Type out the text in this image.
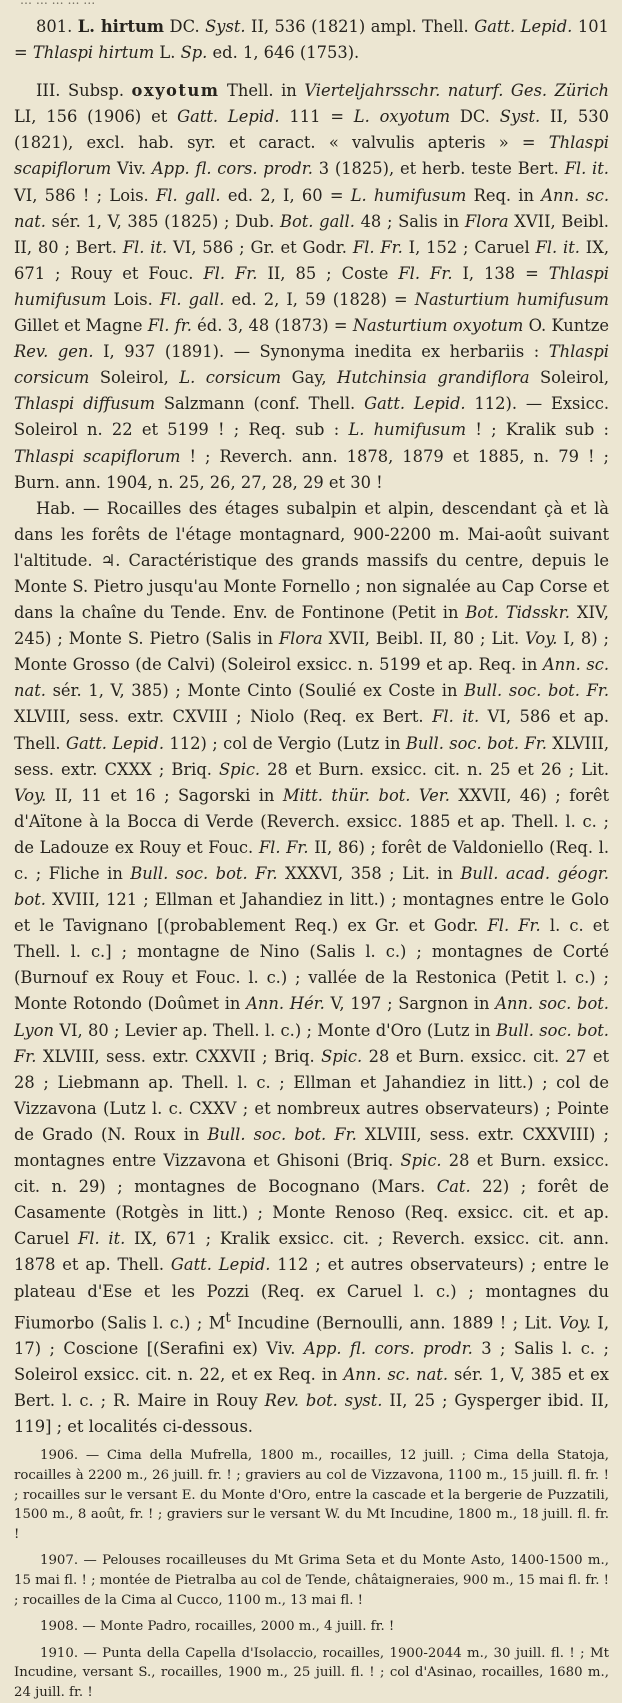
… … … … …

801. L. hirtum DC. Syst. II, 536 (1821) ampl. Thell. Gatt. Lepid. 101 = Thlaspi hirtum L. Sp. ed. 1, 646 (1753).

III. Subsp. oxyotum Thell. in Vierteljahrsschr. naturf. Ges. Zürich LI, 156 (1906) et Gatt. Lepid. 111 = L. oxyotum DC. Syst. II, 530 (1821), excl. hab. syr. et caract. « valvulis apteris » = Thlaspi scapiflorum Viv. App. fl. cors. prodr. 3 (1825), et herb. teste Bert. Fl. it. VI, 586 ! ; Lois. Fl. gall. ed. 2, I, 60 = L. humifusum Req. in Ann. sc. nat. sér. 1, V, 385 (1825) ; Dub. Bot. gall. 48 ; Salis in Flora XVII, Beibl. II, 80 ; Bert. Fl. it. VI, 586 ; Gr. et Godr. Fl. Fr. I, 152 ; Caruel Fl. it. IX, 671 ; Rouy et Fouc. Fl. Fr. II, 85 ; Coste Fl. Fr. I, 138 = Thlaspi humifusum Lois. Fl. gall. ed. 2, I, 59 (1828) = Nasturtium humifusum Gillet et Magne Fl. fr. éd. 3, 48 (1873) = Nasturtium oxyotum O. Kuntze Rev. gen. I, 937 (1891). — Synonyma inedita ex herbariis : Thlaspi corsicum Soleirol, L. corsicum Gay, Hutchinsia grandiflora Soleirol, Thlaspi diffusum Salzmann (conf. Thell. Gatt. Lepid. 112). — Exsicc. Soleirol n. 22 et 5199 ! ; Req. sub : L. humifusum ! ; Kralik sub : Thlaspi scapiflorum ! ; Reverch. ann. 1878, 1879 et 1885, n. 79 ! ; Burn. ann. 1904, n. 25, 26, 27, 28, 29 et 30 !

Hab. — Rocailles des étages subalpin et alpin, descendant çà et là dans les forêts de l'étage montagnard, 900-2200 m. Mai-août suivant l'altitude. ♃. Caractéristique des grands massifs du centre, depuis le Monte S. Pietro jusqu'au Monte Fornello ; non signalée au Cap Corse et dans la chaîne du Tende. Env. de Fontinone (Petit in Bot. Tidsskr. XIV, 245) ; Monte S. Pietro (Salis in Flora XVII, Beibl. II, 80 ; Lit. Voy. I, 8) ; Monte Grosso (de Calvi) (Soleirol exsicc. n. 5199 et ap. Req. in Ann. sc. nat. sér. 1, V, 385) ; Monte Cinto (Soulié ex Coste in Bull. soc. bot. Fr. XLVIII, sess. extr. CXVIII ; Niolo (Req. ex Bert. Fl. it. VI, 586 et ap. Thell. Gatt. Lepid. 112) ; col de Vergio (Lutz in Bull. soc. bot. Fr. XLVIII, sess. extr. CXXX ; Briq. Spic. 28 et Burn. exsicc. cit. n. 25 et 26 ; Lit. Voy. II, 11 et 16 ; Sagorski in Mitt. thür. bot. Ver. XXVII, 46) ; forêt d'Aïtone à la Bocca di Verde (Reverch. exsicc. 1885 et ap. Thell. l. c. ; de Ladouze ex Rouy et Fouc. Fl. Fr. II, 86) ; forêt de Valdoniello (Req. l. c. ; Fliche in Bull. soc. bot. Fr. XXXVI, 358 ; Lit. in Bull. acad. géogr. bot. XVIII, 121 ; Ellman et Jahandiez in litt.) ; montagnes entre le Golo et le Tavignano [(probablement Req.) ex Gr. et Godr. Fl. Fr. l. c. et Thell. l. c.] ; montagne de Nino (Salis l. c.) ; montagnes de Corté (Burnouf ex Rouy et Fouc. l. c.) ; vallée de la Restonica (Petit l. c.) ; Monte Rotondo (Doûmet in Ann. Hér. V, 197 ; Sargnon in Ann. soc. bot. Lyon VI, 80 ; Levier ap. Thell. l. c.) ; Monte d'Oro (Lutz in Bull. soc. bot. Fr. XLVIII, sess. extr. CXXVII ; Briq. Spic. 28 et Burn. exsicc. cit. 27 et 28 ; Liebmann ap. Thell. l. c. ; Ellman et Jahandiez in litt.) ; col de Vizzavona (Lutz l. c. CXXV ; et nombreux autres observateurs) ; Pointe de Grado (N. Roux in Bull. soc. bot. Fr. XLVIII, sess. extr. CXXVIII) ; montagnes entre Vizzavona et Ghisoni (Briq. Spic. 28 et Burn. exsicc. cit. n. 29) ; montagnes de Bocognano (Mars. Cat. 22) ; forêt de Casamente (Rotgès in litt.) ; Monte Renoso (Req. exsicc. cit. et ap. Caruel Fl. it. IX, 671 ; Kralik exsicc. cit. ; Reverch. exsicc. cit. ann. 1878 et ap. Thell. Gatt. Lepid. 112 ; et autres observateurs) ; entre le plateau d'Ese et les Pozzi (Req. ex Caruel l. c.) ; montagnes du Fiumorbo (Salis l. c.) ; $M^t$ Incudine (Bernoulli, ann. 1889 ! ; Lit. Voy. I, 17) ; Coscione [(Serafini ex) Viv. App. fl. cors. prodr. 3 ; Salis l. c. ; Soleirol exsicc. cit. n. 22, et ex Req. in Ann. sc. nat. sér. 1, V, 385 et ex Bert. l. c. ; R. Maire in Rouy Rev. bot. syst. II, 25 ; Gysperger ibid. II, 119] ; et localités ci-dessous.

1906. — Cima della Mufrella, 1800 m., rocailles, 12 juill. ; Cima della Statoja, rocailles à 2200 m., 26 juill. fr. ! ; graviers au col de Vizzavona, 1100 m., 15 juill. fl. fr. ! ; rocailles sur le versant E. du Monte d'Oro, entre la cascade et la bergerie de Puzzatili, 1500 m., 8 août, fr. ! ; graviers sur le versant W. du Mt Incudine, 1800 m., 18 juill. fl. fr. !

1907. — Pelouses rocailleuses du Mt Grima Seta et du Monte Asto, 1400-1500 m., 15 mai fl. ! ; montée de Pietralba au col de Tende, châtaigneraies, 900 m., 15 mai fl. fr. ! ; rocailles de la Cima al Cucco, 1100 m., 13 mai fl. !

1908. — Monte Padro, rocailles, 2000 m., 4 juill. fr. !

1910. — Punta della Capella d'Isolaccio, rocailles, 1900-2044 m., 30 juill. fl. ! ; Mt Incudine, versant S., rocailles, 1900 m., 25 juill. fl. ! ; col d'Asinao, rocailles, 1680 m., 24 juill. fr. !
